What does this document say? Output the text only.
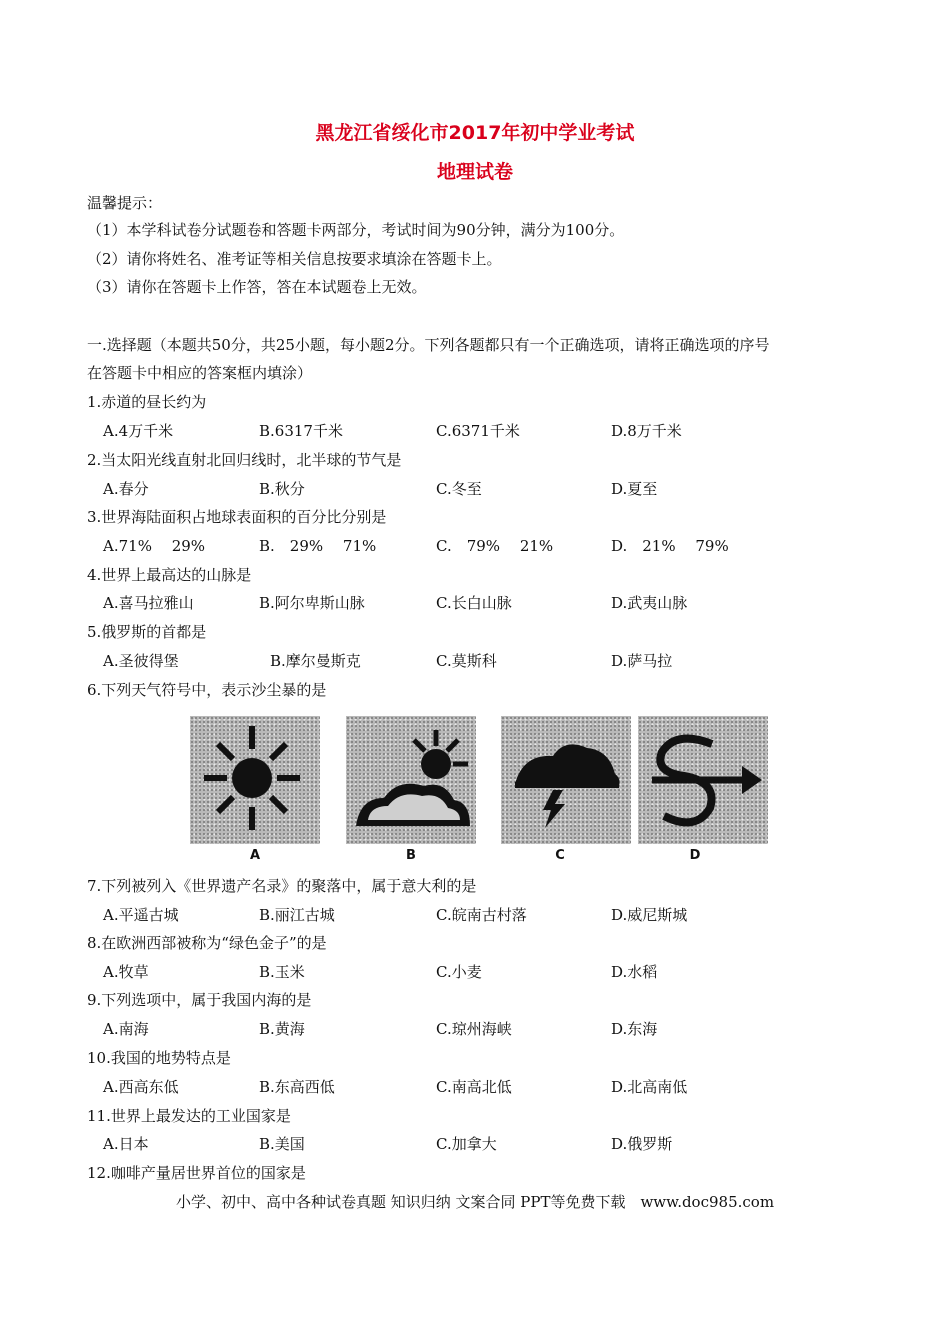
黑龙江省绥化市2017年初中学业考试
地理试卷
温馨提示：
（1）本学科试卷分试题卷和答题卡两部分，考试时间为90分钟，满分为100分。
（2）请你将姓名、准考证等相关信息按要求填涂在答题卡上。
（3）请你在答题卡上作答，答在本试题卷上无效。
一.选择题（本题共50分，共25小题，每小题2分。下列各题都只有一个正确选项，请将正确选项的序号
在答题卡中相应的答案框内填涂）
1.赤道的昼长约为
A.4万千米	B.6317千米	C.6371千米	D.8万千米
2.当太阳光线直射北回归线时，北半球的节气是
A.春分	B.秋分	C.冬至	D.夏至
3.世界海陆面积占地球表面积的百分比分别是
A.71%　 29%	B.　29%　 71%	C.　79%　 21%	D.　21%　 79%
4.世界上最高达的山脉是
A.喜马拉雅山	B.阿尔卑斯山脉	C.长白山脉	D.武夷山脉
5.俄罗斯的首都是
A.圣彼得堡	B.摩尔曼斯克	C.莫斯科	D.萨马拉
6.下列天气符号中，表示沙尘暴的是
A	B	C	D
7.下列被列入《世界遗产名录》的聚落中，属于意大利的是
A.平遥古城	B.丽江古城	C.皖南古村落	D.威尼斯城
8.在欧洲西部被称为“绿色金子”的是
A.牧草	B.玉米	C.小麦	D.水稻
9.下列选项中，属于我国内海的是
A.南海	B.黄海	C.琼州海峡	D.东海
10.我国的地势特点是
A.西高东低	B.东高西低	C.南高北低	D.北高南低
11.世界上最发达的工业国家是
A.日本	B.美国	C.加拿大	D.俄罗斯
12.咖啡产量居世界首位的国家是
小学、初中、高中各种试卷真题 知识归纳 文案合同 PPT等免费下载　www.doc985.com
